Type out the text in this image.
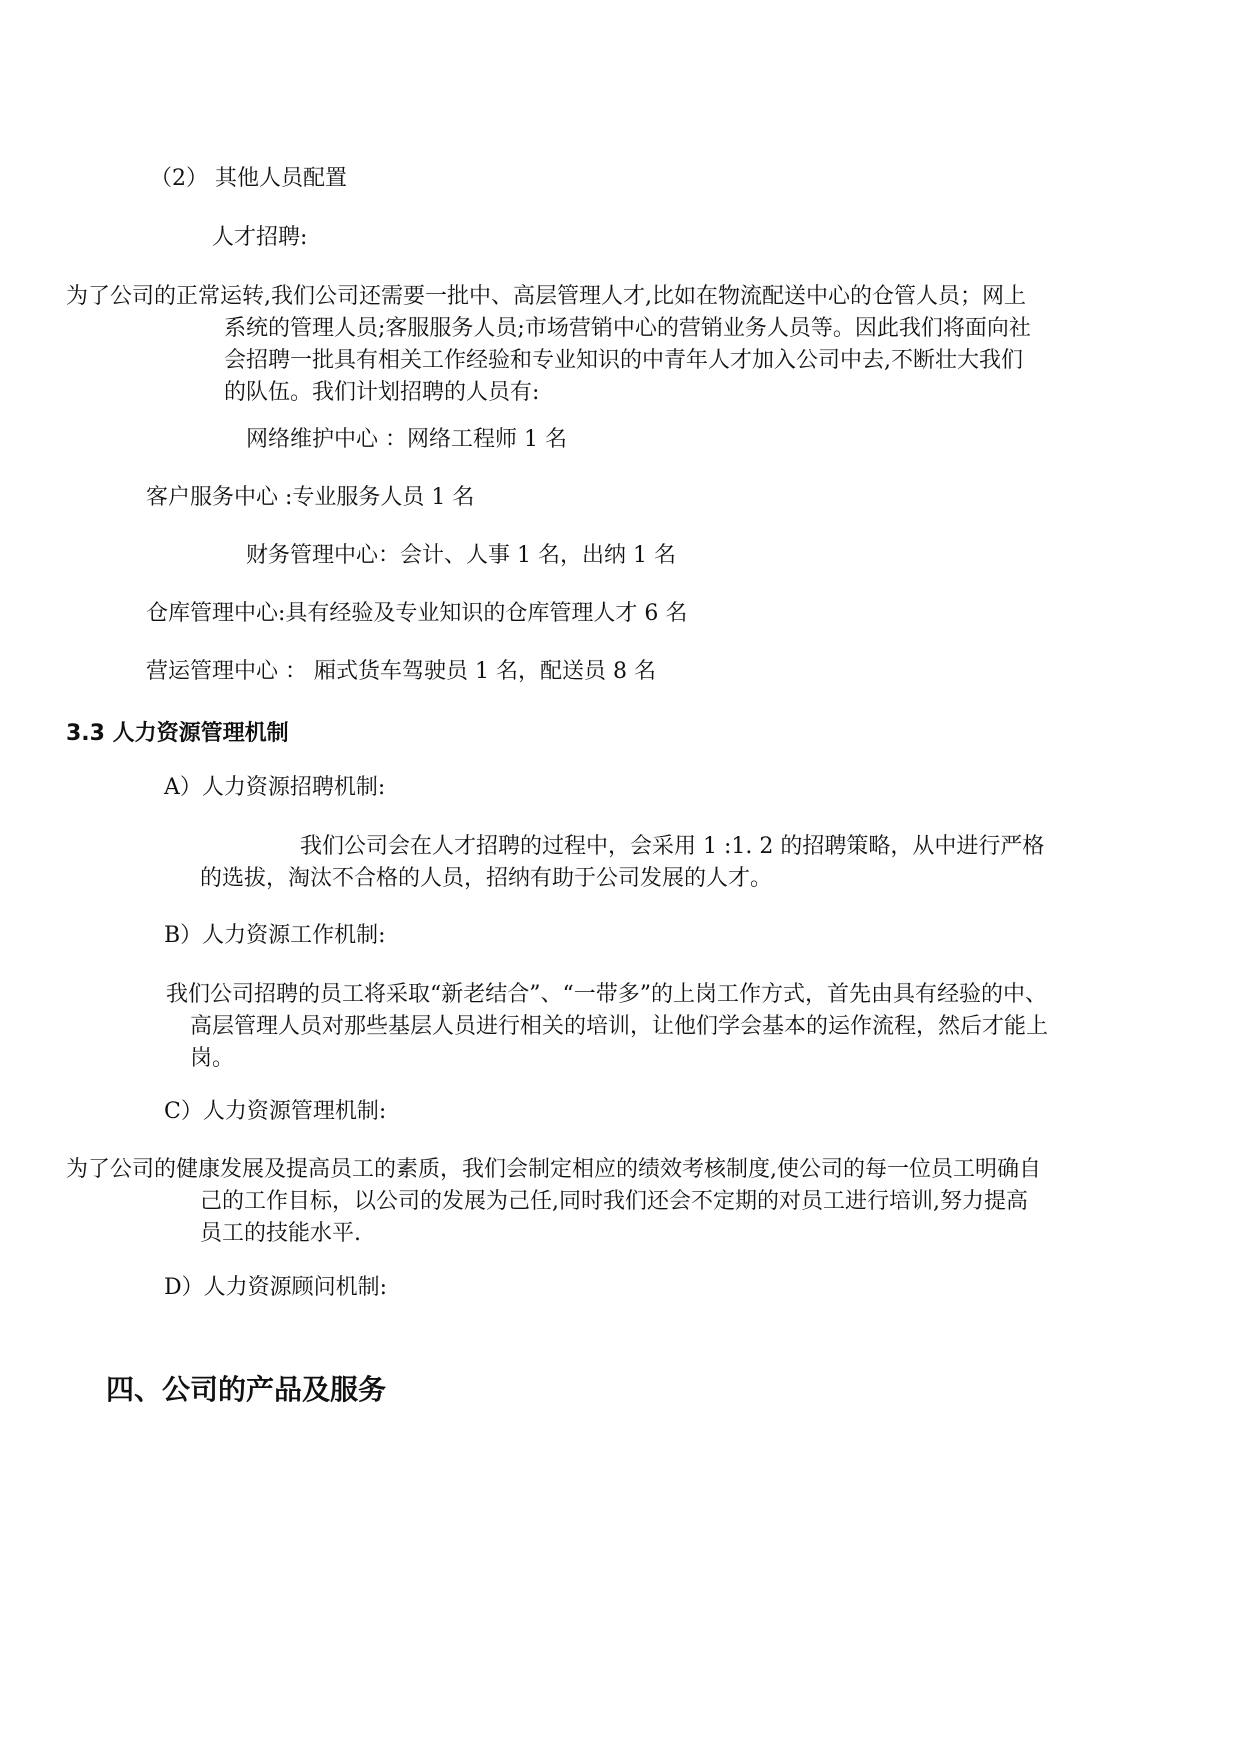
（2） 其他人员配置
人才招聘:
为了公司的正常运转,我们公司还需要一批中、高层管理人才,比如在物流配送中心的仓管人员；网上
系统的管理人员;客服服务人员;市场营销中心的营销业务人员等。因此我们将面向社
会招聘一批具有相关工作经验和专业知识的中青年人才加入公司中去,不断壮大我们
的队伍。我们计划招聘的人员有:
网络维护中心 ：网络工程师 1 名
客户服务中心 :专业服务人员 1 名
财务管理中心：会计、人事 1 名，出纳 1 名
仓库管理中心:具有经验及专业知识的仓库管理人才 6 名
营运管理中心 ： 厢式货车驾驶员 1 名，配送员 8 名
3.3 人力资源管理机制
A）人力资源招聘机制:
我们公司会在人才招聘的过程中，会采用 1 :1. 2 的招聘策略，从中进行严格
的选拔，淘汰不合格的人员，招纳有助于公司发展的人才。
B）人力资源工作机制:
我们公司招聘的员工将采取“新老结合”、“一带多”的上岗工作方式，首先由具有经验的中、
高层管理人员对那些基层人员进行相关的培训，让他们学会基本的运作流程，然后才能上
岗。
C）人力资源管理机制:
为了公司的健康发展及提高员工的素质，我们会制定相应的绩效考核制度,使公司的每一位员工明确自
己的工作目标，以公司的发展为己任,同时我们还会不定期的对员工进行培训,努力提高
员工的技能水平.
D）人力资源顾问机制:
四、公司的产品及服务
